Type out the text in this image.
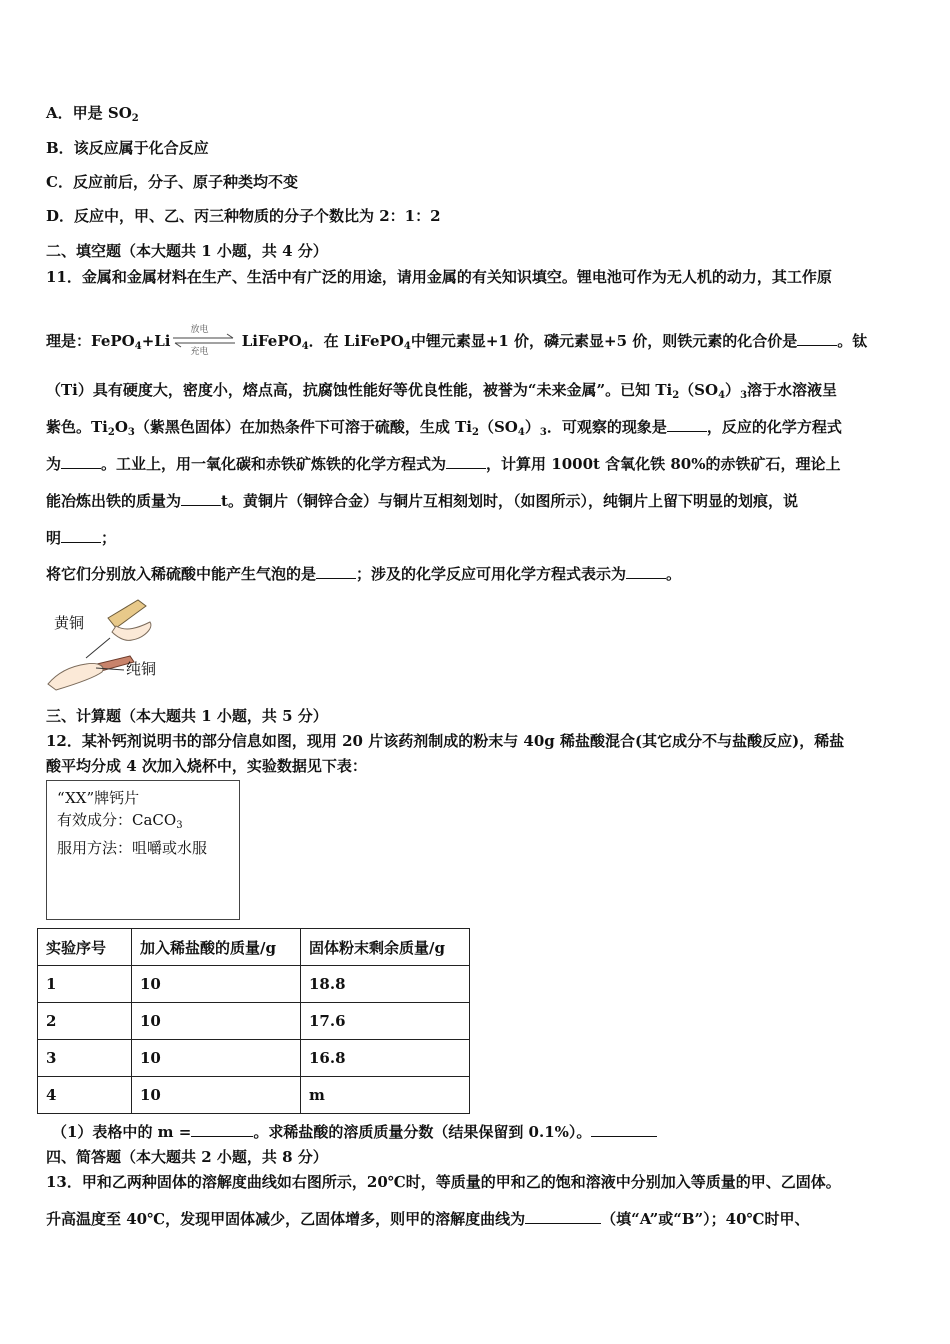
A．甲是 $SO_2$
B．该反应属于化合反应
C．反应前后，分子、原子种类均不变
D．反应中，甲、乙、丙三种物质的分子个数比为 2：1：2
二、填空题（本大题共 1 小题，共 4 分）
11．金属和金属材料在生产、生活中有广泛的用途，请用金属的有关知识填空。锂电池可作为无人机的动力，其工作原
理是：FePO$_4$+Li
放电
充电
LiFePO$_4$．在 LiFePO$_4$中锂元素显+1 价，磷元素显+5 价，则铁元素的化合价是	。钛
（Ti）具有硬度大，密度小，熔点高，抗腐蚀性能好等优良性能，被誉为“未来金属”。已知 $Ti_2(SO_4)_3$溶于水溶液呈
紫色。$Ti_2O_3$（紫黑色固体）在加热条件下可溶于硫酸，生成 $Ti_2(SO_4)_3$．可观察的现象是	，反应的化学方程式
为	。工业上，用一氧化碳和赤铁矿炼铁的化学方程式为	，计算用 1000t 含氧化铁 80%的赤铁矿石，理论上
能冶炼出铁的质量为	t。黄铜片（铜锌合金）与铜片互相刻划时，（如图所示），纯铜片上留下明显的划痕，说
明	；
将它们分别放入稀硫酸中能产生气泡的是	；涉及的化学反应可用化学方程式表示为	。
黄铜
纯铜
三、计算题（本大题共 1 小题，共 5 分）
12．某补钙剂说明书的部分信息如图，现用 20 片该药剂制成的粉末与 40g 稀盐酸混合(其它成分不与盐酸反应)，稀盐
酸平均分成 4 次加入烧杯中，实验数据见下表：
“XX”牌钙片
有效成分：CaCO$_3$
服用方法：咀嚼或水服
实验序号	加入稀盐酸的质量/g	固体粉末剩余质量/g
1	10	18.8
2	10	17.6
3	10	16.8
4	10	m
（1）表格中的 m =	。求稀盐酸的溶质质量分数（结果保留到 0.1%）。
四、简答题（本大题共 2 小题，共 8 分）
13．甲和乙两种固体的溶解度曲线如右图所示，20℃时，等质量的甲和乙的饱和溶液中分别加入等质量的甲、乙固体。
升高温度至 40℃，发现甲固体减少，乙固体增多，则甲的溶解度曲线为	（填“A”或“B”）；40℃时甲、
